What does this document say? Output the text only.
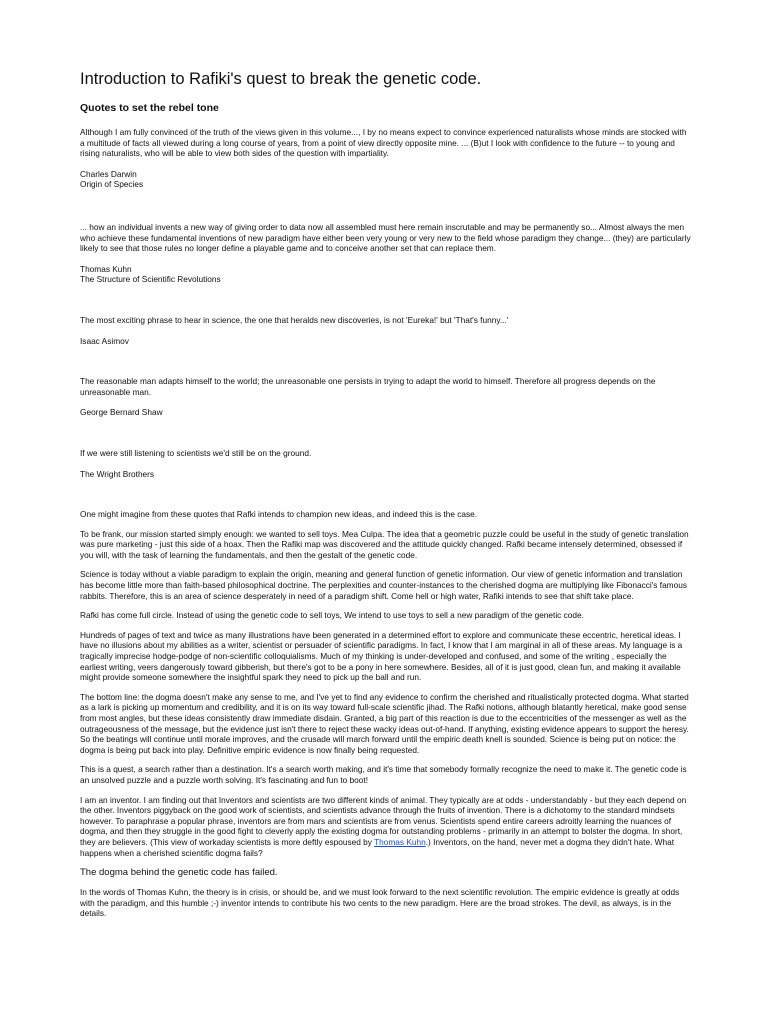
Introduction to Rafiki's quest to break the genetic code.
Quotes to set the rebel tone

Although I am fully convinced of the truth of the views given in this volume..., I by no means expect to convince experienced naturalists whose minds are stocked with a multitude of facts all viewed during a long course of years, from a point of view directly opposite mine. ... (B)ut I look with confidence to the future -- to young and rising naturalists, who will be able to view both sides of the question with impartiality.

Charles Darwin

Origin of Species

... how an individual invents a new way of giving order to data now all assembled must here remain inscrutable and may be permanently so... Almost always the men who achieve these fundamental inventions of new paradigm have either been very young or very new to the field whose paradigm they change... (they) are particularly likely to see that those rules no longer define a playable game and to conceive another set that can replace them.

Thomas Kuhn

The Structure of Scientific Revolutions

The most exciting phrase to hear in science, the one that heralds new discoveries, is not 'Eureka!' but 'That's funny...'

Isaac Asimov

The reasonable man adapts himself to the world; the unreasonable one persists in trying to adapt the world to himself. Therefore all progress depends on the unreasonable man.

George Bernard Shaw

If we were still listening to scientists we'd still be on the ground.

The Wright Brothers

One might imagine from these quotes that Rafki intends to champion new ideas, and indeed this is the case.

To be frank, our mission started simply enough: we wanted to sell toys. Mea Culpa. The idea that a geometric puzzle could be useful in the study of genetic translation was pure marketing - just this side of a hoax. Then the Rafiki map was discovered and the attitude quickly changed. Rafki became intensely determined, obsessed if you will, with the task of learning the fundamentals, and then the gestalt of the genetic code.

Science is today without a viable paradigm to explain the origin, meaning and general function of genetic information. Our view of genetic information and translation has become little more than faith-based philosophical doctrine. The perplexities and counter-instances to the cherished dogma are multiplying like Fibonacci's famous rabbits. Therefore, this is an area of science desperately in need of a paradigm shift. Come hell or high water, Rafiki intends to see that shift take place.

Rafki has come full circle. Instead of using the genetic code to sell toys, We intend to use toys to sell a new paradigm of the genetic code.

Hundreds of pages of text and twice as many illustrations have been generated in a determined effort to explore and communicate these eccentric, heretical ideas. I have no illusions about my abilities as a writer, scientist or persuader of scientific paradigms. In fact, I know that I am marginal in all of these areas. My language is a tragically imprecise hodge-podge of non-scientific colloquialisms. Much of my thinking is under-developed and confused, and some of the writing , especially the earliest writing, veers dangerously toward gibberish, but there's got to be a pony in here somewhere. Besides, all of it is just good, clean fun, and making it available might provide someone somewhere the insightful spark they need to pick up the ball and run.

The bottom line: the dogma doesn't make any sense to me, and I've yet to find any evidence to confirm the cherished and ritualistically protected dogma. What started as a lark is picking up momentum and credibility, and it is on its way toward full-scale scientific jihad. The Rafki notions, although blatantly heretical, make good sense from most angles, but these ideas consistently draw immediate disdain. Granted, a big part of this reaction is due to the eccentricities of the messenger as well as the outrageousness of the message, but the evidence just isn't there to reject these wacky ideas out-of-hand. If anything, existing evidence appears to support the heresy. So the beatings will continue until morale improves, and the crusade will march forward until the empiric death knell is sounded. Science is being put on notice: the dogma is being put back into play. Definitive empiric evidence is now finally being requested.

This is a quest, a search rather than a destination. It's a search worth making, and it's time that somebody formally recognize the need to make it. The genetic code is an unsolved puzzle and a puzzle worth solving. It's fascinating and fun to boot!

I am an inventor. I am finding out that Inventors and scientists are two different kinds of animal. They typically are at odds - understandably - but they each depend on the other. Inventors piggyback on the good work of scientists, and scientists advance through the fruits of invention. There is a dichotomy to the standard mindsets however. To paraphrase a popular phrase, inventors are from mars and scientists are from venus. Scientists spend entire careers adroitly learning the nuances of dogma, and then they struggle in the good fight to cleverly apply the existing dogma for outstanding problems - primarily in an attempt to bolster the dogma. In short, they are believers. (This view of workaday scientists is more deftly espoused by Thomas Kuhn.) Inventors, on the hand, never met a dogma they didn't hate. What happens when a cherished scientific dogma fails?

The dogma behind the genetic code has failed.

In the words of Thomas Kuhn, the theory is in crisis, or should be, and we must look forward to the next scientific revolution. The empiric evidence is greatly at odds with the paradigm, and this humble ;-) inventor intends to contribute his two cents to the new paradigm. Here are the broad strokes. The devil, as always, is in the details.
